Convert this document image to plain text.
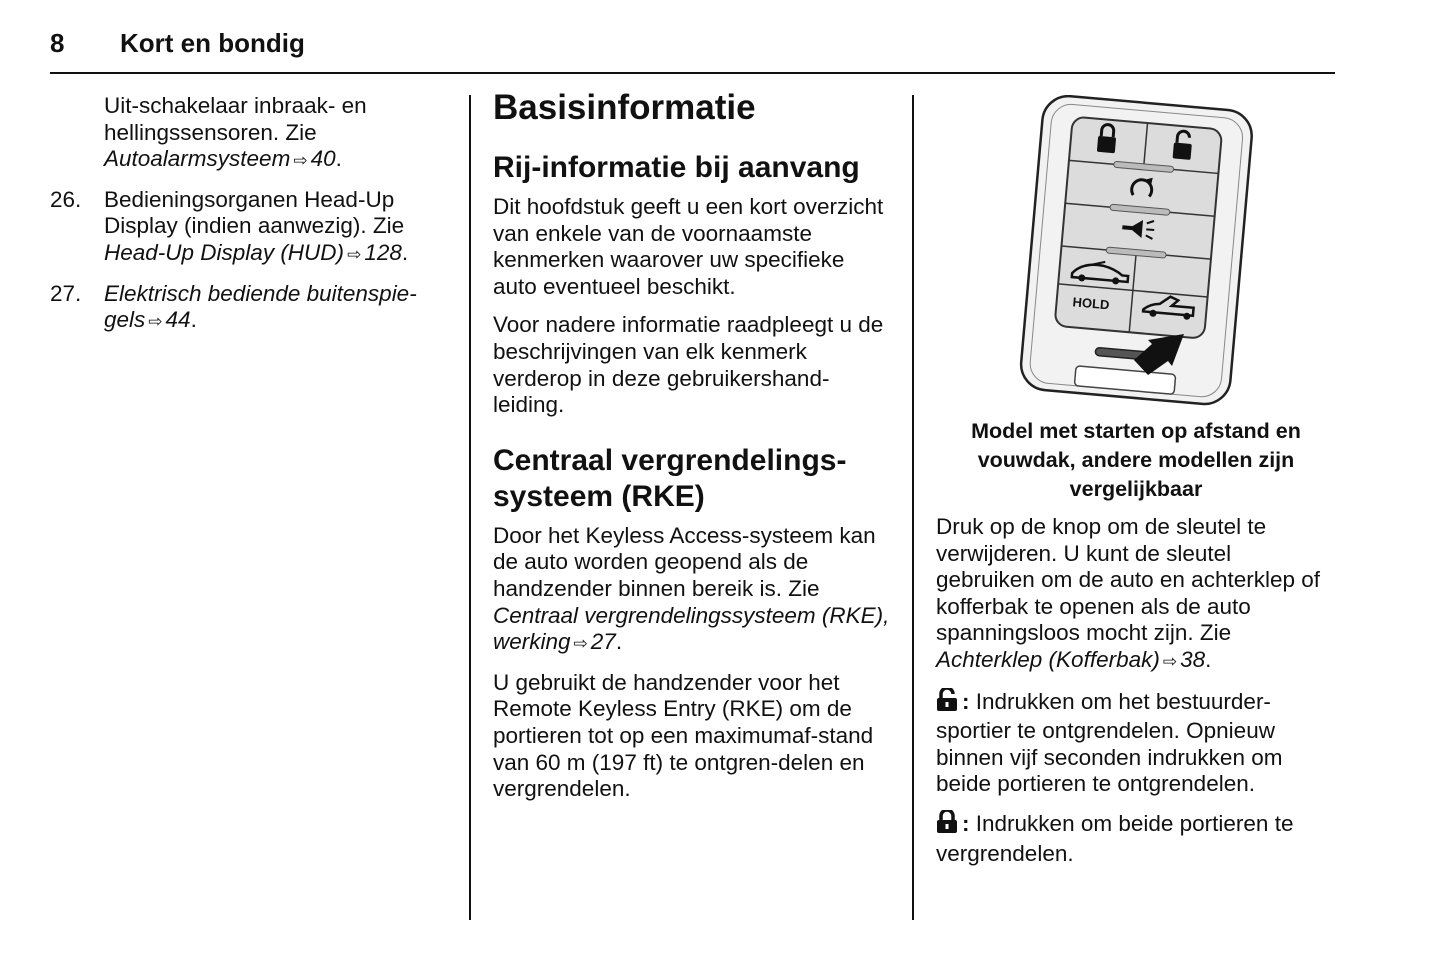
8 Kort en bondig
Uit-schakelaar inbraak- en hellingssensoren. Zie
Autoalarmsysteem ⇨ 40.
26. Bedieningsorganen Head-Up Display (indien aanwezig). Zie
Head-Up Display (HUD) ⇨ 128.
27. Elektrisch bediende buitenspie-gels ⇨ 44.
Basisinformatie
Rij-informatie bij aanvang

Dit hoofdstuk geeft u een kort overzicht van enkele van de voornaamste kenmerken waarover uw specifieke auto eventueel beschikt.

Voor nadere informatie raadpleegt u de beschrijvingen van elk kenmerk verderop in deze gebruikershand-leiding.

Centraal vergrendelings-systeem (RKE)

Door het Keyless Access-systeem kan de auto worden geopend als de handzender binnen bereik is. Zie
Centraal vergrendelingssysteem (RKE), werking ⇨ 27.

U gebruikt de handzender voor het Remote Keyless Entry (RKE) om de portieren tot op een maximumaf-stand van 60 m (197 ft) te ontgren-delen en vergrendelen.

HOLD
Model met starten op afstand en vouwdak, andere modellen zijn vergelijkbaar

Druk op de knop om de sleutel te verwijderen. U kunt de sleutel gebruiken om de auto en achterklep of kofferbak te openen als de auto spanningsloos mocht zijn. Zie
Achterklep (Kofferbak) ⇨ 38.

: Indrukken om het bestuurder-sportier te ontgrendelen. Opnieuw binnen vijf seconden indrukken om beide portieren te ontgrendelen.

: Indrukken om beide portieren te vergrendelen.
